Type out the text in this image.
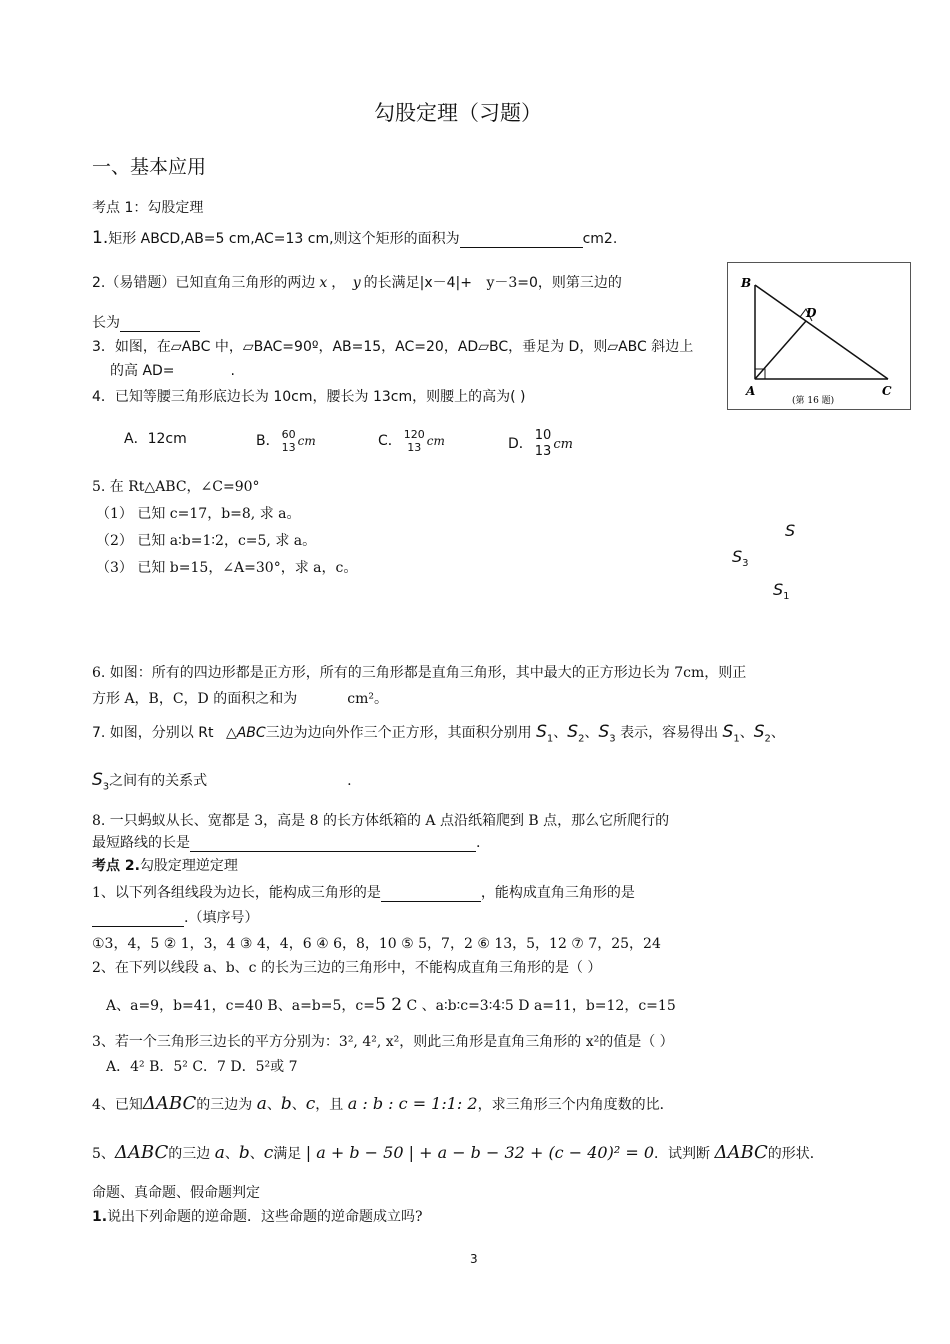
勾股定理（习题）
一、基本应用
考点 1：勾股定理
1.矩形 ABCD,AB=5 cm,AC=13 cm,则这个矩形的面积为	cm2.
2.（易错题）已知直角三角形的两边 x ， y 的长满足|x－4|+ y－3=0，则第三边的
长为
3．如图，在▱ABC 中，▱BAC=90º，AB=15，AC=20，AD▱BC，垂足为 D，则▱ABC 斜边上
的高 AD=	.
4．已知等腰三角形底边长为 10cm，腰长为 13cm，则腰上的高为( )
A．12cm	B． 60
13 cm	C． 120
13 cm	D．
10
13 cm
B
D
A	C
(第 16 题)
5. 在 Rt△ABC，∠C=90°
（1） 已知 c=17，b=8, 求 a。
（2） 已知 a∶b=1∶2，c=5, 求 a。
（3） 已知 b=15，∠A=30°，求 a，c。
S
$S_3$
$S_1$
6. 如图：所有的四边形都是正方形，所有的三角形都是直角三角形，其中最大的正方形边长为 7cm，则正
方形 A，B，C，D 的面积之和为	cm²。
7. 如图，分别以 Rt △ABC三边为边向外作三个正方形，其面积分别用 $S_1$、$S_2$、$S_3$ 表示，容易得出 $S_1$、$S_2$、
$S_3$之间有的关系式	.
8. 一只蚂蚁从长、宽都是 3，高是 8 的长方体纸箱的 A 点沿纸箱爬到 B 点，那么它所爬行的
最短路线的长是	.
考点 2.勾股定理逆定理
1、以下列各组线段为边长，能构成三角形的是	，能构成直角三角形的是
.（填序号）
①3，4，5 ② 1，3，4 ③ 4，4，6 ④ 6，8，10 ⑤ 5，7，2 ⑥ 13，5，12 ⑦ 7，25，24
2、在下列以线段 a、b、c 的长为三边的三角形中，不能构成直角三角形的是（ ）
A、a=9，b=41，c=40 B、a=b=5，c=5 2 C 、a∶b∶c=3∶4∶5 D a=11，b=12，c=15
3、若一个三角形三边长的平方分别为：3², 4², x²，则此三角形是直角三角形的 x²的值是（ ）
A．4² B．5² C．7 D．5²或 7
4、已知ΔABC的三边为 a、b、c，且 a : b : c = 1:1: 2，求三角形三个内角度数的比．
5、ΔABC的三边 a、b、c满足 | a + b − 50 | + a − b − 32 + (c − 40)² = 0．试判断 ΔABC的形状．
命题、真命题、假命题判定
1.说出下列命题的逆命题．这些命题的逆命题成立吗?
3
